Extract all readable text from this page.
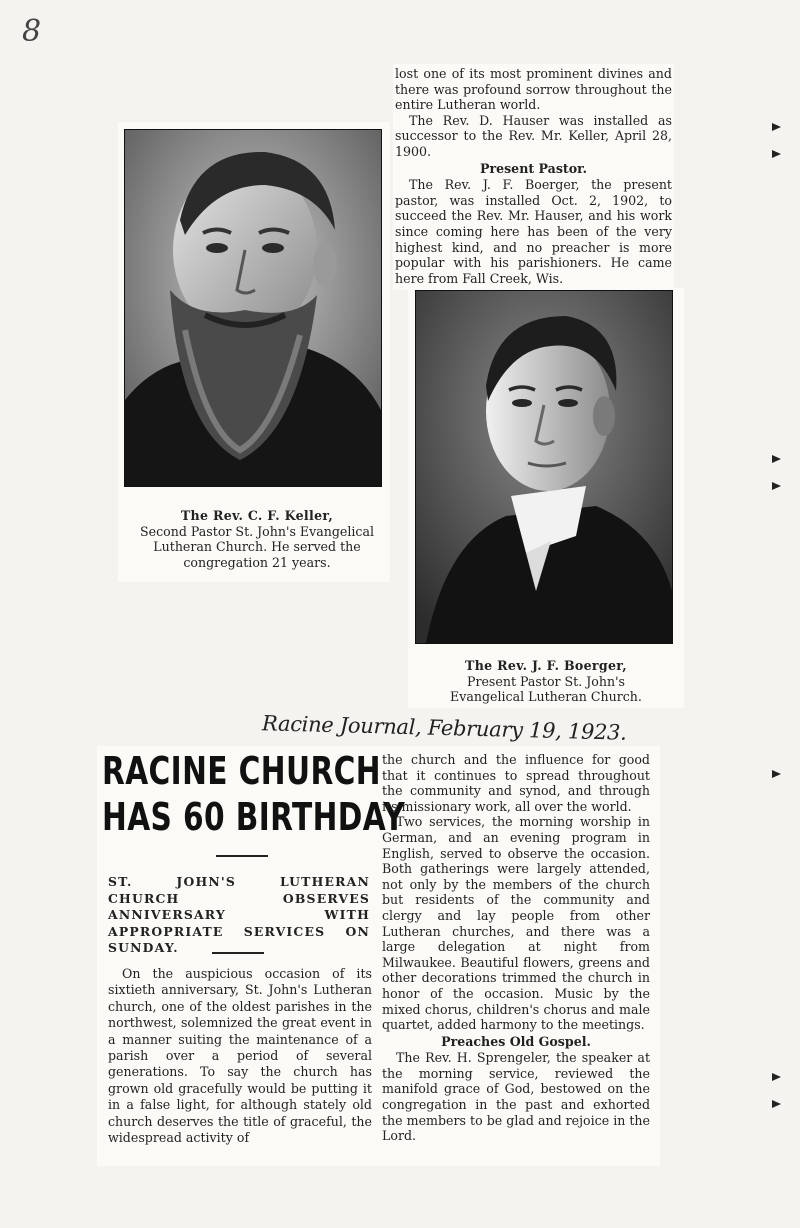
8

lost one of its most prominent divines and there was profound sorrow throughout the entire Lutheran world.

The Rev. D. Hauser was installed as successor to the Rev. Mr. Keller, April 28, 1900.

Present Pastor.

The Rev. J. F. Boerger, the present pastor, was installed Oct. 2, 1902, to succeed the Rev. Mr. Hauser, and his work since coming here has been of the very highest kind, and no preacher is more popular with his parishioners. He came here from Fall Creek, Wis.

The Rev. C. F. Keller,
Second Pastor St. John's Evangelical Lutheran Church. He served the congregation 21 years.
The Rev. J. F. Boerger,
Present Pastor St. John's Evangelical Lutheran Church.
Racine Journal, February 19, 1923.
RACINE CHURCH
HAS 60 BIRTHDAY
ST. JOHN'S LUTHERAN CHURCH OBSERVES ANNIVERSARY WITH APPROPRIATE SERVICES ON SUNDAY.

On the auspicious occasion of its sixtieth anniversary, St. John's Lutheran church, one of the oldest parishes in the northwest, solemnized the great event in a manner suiting the maintenance of a parish over a period of several generations. To say the church has grown old gracefully would be putting it in a false light, for although stately old church deserves the title of graceful, the widespread activity of

the church and the influence for good that it continues to spread throughout the community and synod, and through its missionary work, all over the world.

Two services, the morning worship in German, and an evening program in English, served to observe the occasion. Both gatherings were largely attended, not only by the members of the church but residents of the community and clergy and lay people from other Lutheran churches, and there was a large delegation at night from Milwaukee. Beautiful flowers, greens and other decorations trimmed the church in honor of the occasion. Music by the mixed chorus, children's chorus and male quartet, added harmony to the meetings.

Preaches Old Gospel.

The Rev. H. Sprengeler, the speaker at the morning service, reviewed the manifold grace of God, bestowed on the congregation in the past and exhorted the members to be glad and rejoice in the Lord.
